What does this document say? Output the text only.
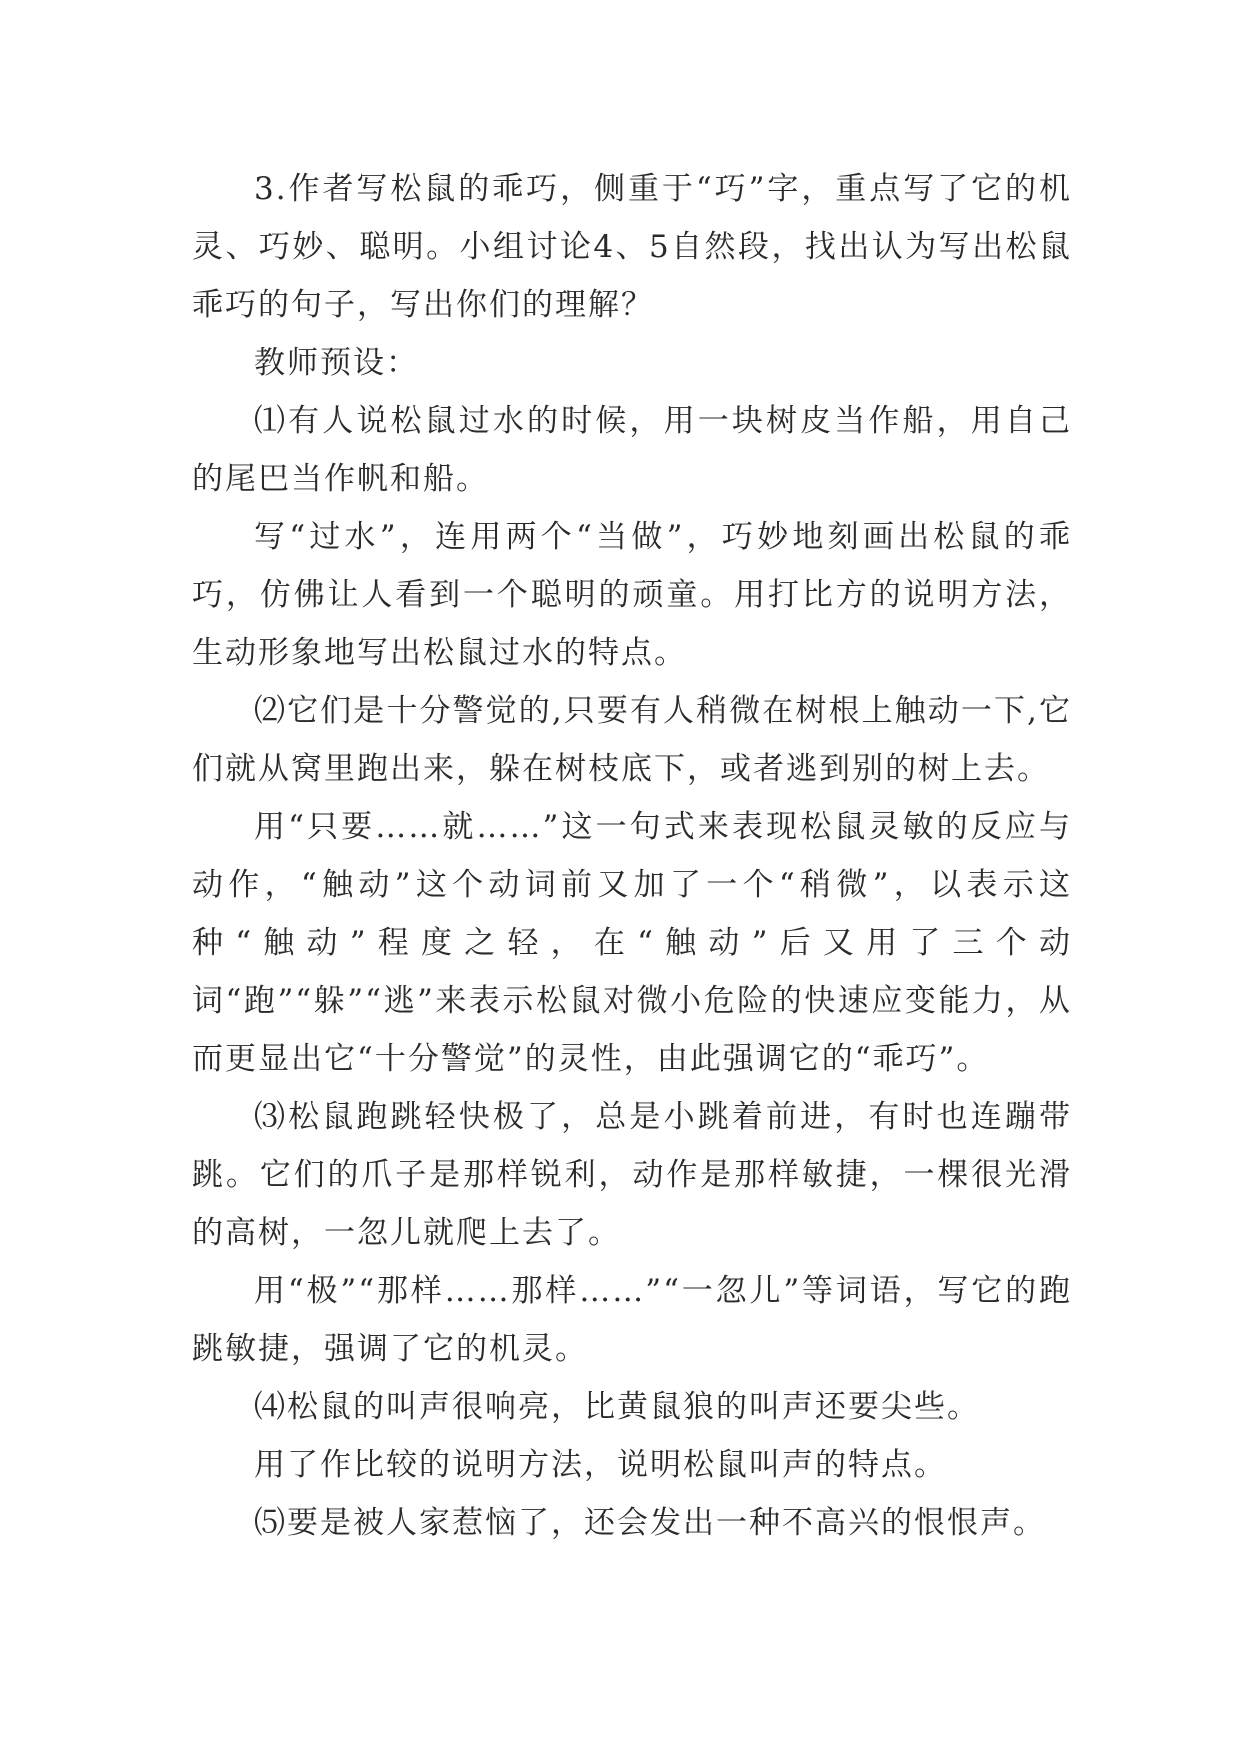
3.作者写松鼠的乖巧，侧重于“巧”字，重点写了它的机灵、巧妙、聪明。小组讨论4、5自然段，找出认为写出松鼠乖巧的句子，写出你们的理解？

教师预设：

⑴有人说松鼠过水的时候，用一块树皮当作船，用自己的尾巴当作帆和船。

写“过水”，连用两个“当做”，巧妙地刻画出松鼠的乖巧，仿佛让人看到一个聪明的顽童。用打比方的说明方法，生动形象地写出松鼠过水的特点。

⑵它们是十分警觉的,只要有人稍微在树根上触动一下,它们就从窝里跑出来，躲在树枝底下，或者逃到别的树上去。

用“只要……就……”这一句式来表现松鼠灵敏的反应与动作，“触动”这个动词前又加了一个“稍微”，以表示这种“触动”程度之轻，在“触动”后又用了三个动词“跑”“躲”“逃”来表示松鼠对微小危险的快速应变能力，从而更显出它“十分警觉”的灵性，由此强调它的“乖巧”。

⑶松鼠跑跳轻快极了，总是小跳着前进，有时也连蹦带跳。它们的爪子是那样锐利，动作是那样敏捷，一棵很光滑的高树，一忽儿就爬上去了。

用“极”“那样……那样……”“一忽儿”等词语，写它的跑跳敏捷，强调了它的机灵。

⑷松鼠的叫声很响亮，比黄鼠狼的叫声还要尖些。

用了作比较的说明方法，说明松鼠叫声的特点。

⑸要是被人家惹恼了，还会发出一种不高兴的恨恨声。
